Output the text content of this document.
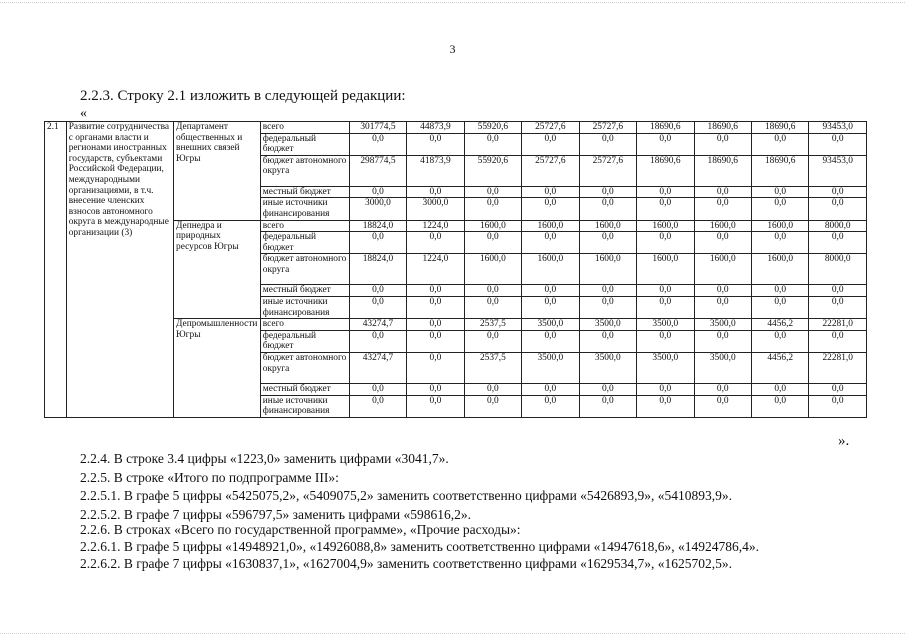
3
2.2.3. Строку 2.1 изложить в следующей редакции:
«
2.1	Развитие сотрудничества с органами власти и регионами иностранных государств, субъектами Российской Федерации, международными организациями, в т.ч. внесение членских взносов автономного округа в международные организации (3)	Департамент общественных и внешних связей Югры	всего	301774,5	44873,9	55920,6	25727,6	25727,6	18690,6	18690,6	18690,6	93453,0
			федеральный бюджет	0,0	0,0	0,0	0,0	0,0	0,0	0,0	0,0	0,0
			бюджет автономного округа	298774,5	41873,9	55920,6	25727,6	25727,6	18690,6	18690,6	18690,6	93453,0
			местный бюджет	0,0	0,0	0,0	0,0	0,0	0,0	0,0	0,0	0,0
			иные источники финансирования	3000,0	3000,0	0,0	0,0	0,0	0,0	0,0	0,0	0,0
		Депнедра и природных ресурсов Югры	всего	18824,0	1224,0	1600,0	1600,0	1600,0	1600,0	1600,0	1600,0	8000,0
			федеральный бюджет	0,0	0,0	0,0	0,0	0,0	0,0	0,0	0,0	0,0
			бюджет автономного округа	18824,0	1224,0	1600,0	1600,0	1600,0	1600,0	1600,0	1600,0	8000,0
			местный бюджет	0,0	0,0	0,0	0,0	0,0	0,0	0,0	0,0	0,0
			иные источники финансирования	0,0	0,0	0,0	0,0	0,0	0,0	0,0	0,0	0,0
		Депромышленности Югры	всего	43274,7	0,0	2537,5	3500,0	3500,0	3500,0	3500,0	4456,2	22281,0
			федеральный бюджет	0,0	0,0	0,0	0,0	0,0	0,0	0,0	0,0	0,0
			бюджет автономного округа	43274,7	0,0	2537,5	3500,0	3500,0	3500,0	3500,0	4456,2	22281,0
			местный бюджет	0,0	0,0	0,0	0,0	0,0	0,0	0,0	0,0	0,0
			иные источники финансирования	0,0	0,0	0,0	0,0	0,0	0,0	0,0	0,0	0,0
».
2.2.4. В строке 3.4 цифры «1223,0» заменить цифрами «3041,7».
2.2.5. В строке «Итого по подпрограмме III»:
2.2.5.1. В графе 5 цифры «5425075,2», «5409075,2» заменить соответственно цифрами «5426893,9», «5410893,9».
2.2.5.2. В графе 7 цифры «596797,5» заменить цифрами «598616,2».
2.2.6. В строках «Всего по государственной программе», «Прочие расходы»:
2.2.6.1. В графе 5 цифры «14948921,0», «14926088,8» заменить соответственно цифрами «14947618,6», «14924786,4».
2.2.6.2. В графе 7 цифры «1630837,1», «1627004,9» заменить соответственно цифрами «1629534,7», «1625702,5».
